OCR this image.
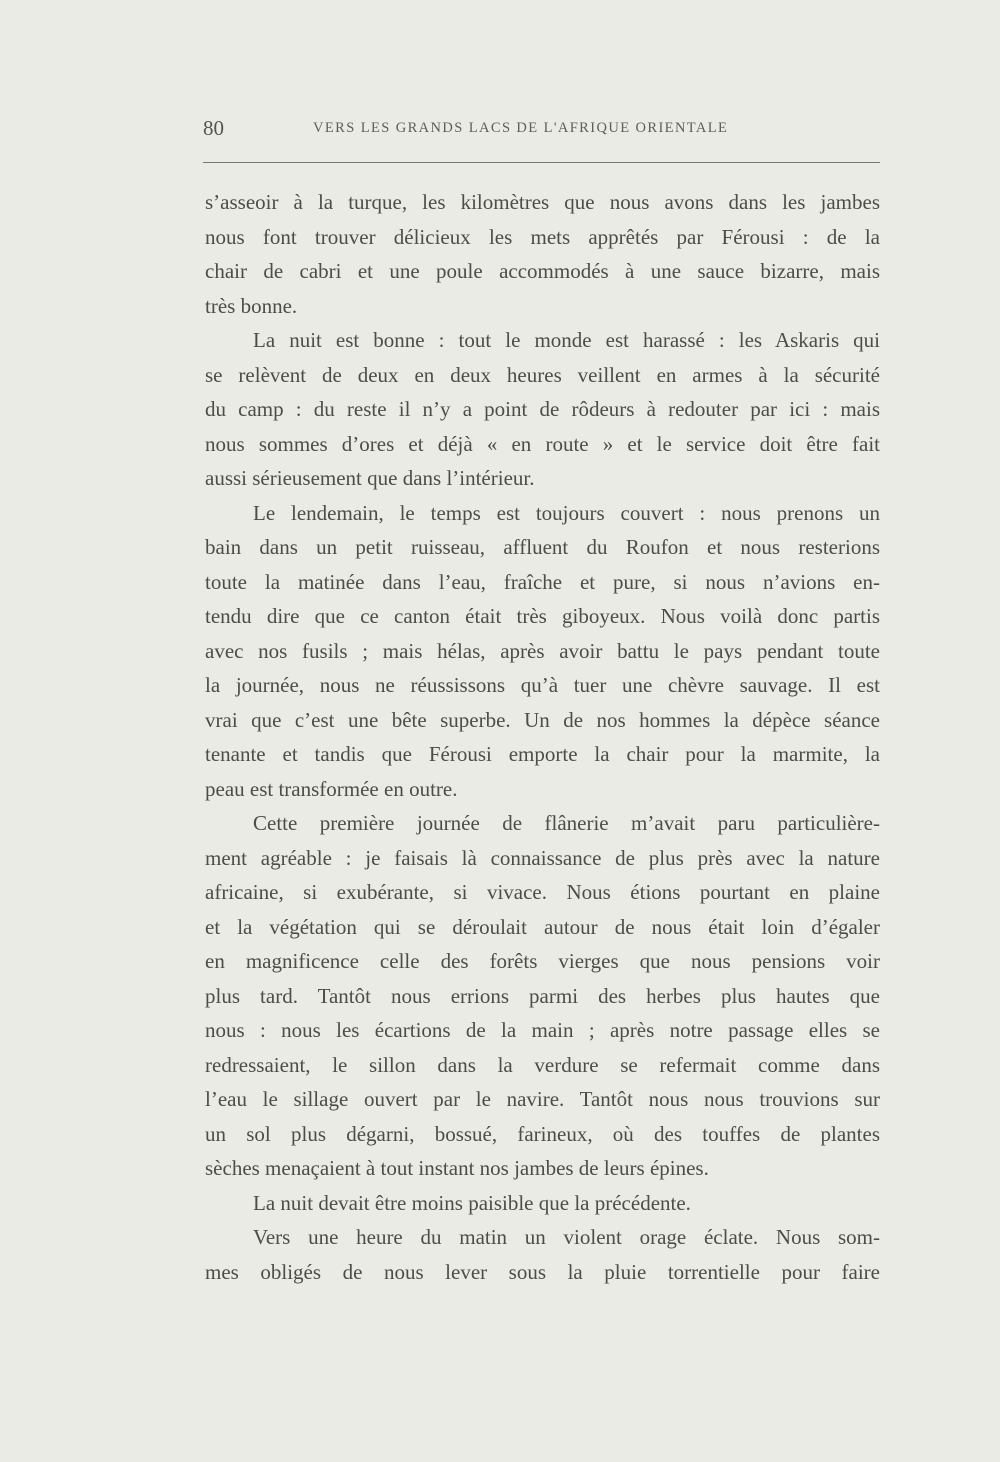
80	VERS LES GRANDS LACS DE L'AFRIQUE ORIENTALE
s’asseoir à la turque, les kilomètres que nous avons dans les jambes
nous font trouver délicieux les mets apprêtés par Férousi : de la
chair de cabri et une poule accommodés à une sauce bizarre, mais
très bonne.
La nuit est bonne : tout le monde est harassé : les Askaris qui
se relèvent de deux en deux heures veillent en armes à la sécurité
du camp : du reste il n’y a point de rôdeurs à redouter par ici : mais
nous sommes d’ores et déjà « en route » et le service doit être fait
aussi sérieusement que dans l’intérieur.
Le lendemain, le temps est toujours couvert : nous prenons un
bain dans un petit ruisseau, affluent du Roufon et nous resterions
toute la matinée dans l’eau, fraîche et pure, si nous n’avions en-
tendu dire que ce canton était très giboyeux. Nous voilà donc partis
avec nos fusils ; mais hélas, après avoir battu le pays pendant toute
la journée, nous ne réussissons qu’à tuer une chèvre sauvage. Il est
vrai que c’est une bête superbe. Un de nos hommes la dépèce séance
tenante et tandis que Férousi emporte la chair pour la marmite, la
peau est transformée en outre.
Cette première journée de flânerie m’avait paru particulière-
ment agréable : je faisais là connaissance de plus près avec la nature
africaine, si exubérante, si vivace. Nous étions pourtant en plaine
et la végétation qui se déroulait autour de nous était loin d’égaler
en magnificence celle des forêts vierges que nous pensions voir
plus tard. Tantôt nous errions parmi des herbes plus hautes que
nous : nous les écartions de la main ; après notre passage elles se
redressaient, le sillon dans la verdure se refermait comme dans
l’eau le sillage ouvert par le navire. Tantôt nous nous trouvions sur
un sol plus dégarni, bossué, farineux, où des touffes de plantes
sèches menaçaient à tout instant nos jambes de leurs épines.
La nuit devait être moins paisible que la précédente.
Vers une heure du matin un violent orage éclate. Nous som-
mes obligés de nous lever sous la pluie torrentielle pour faire
